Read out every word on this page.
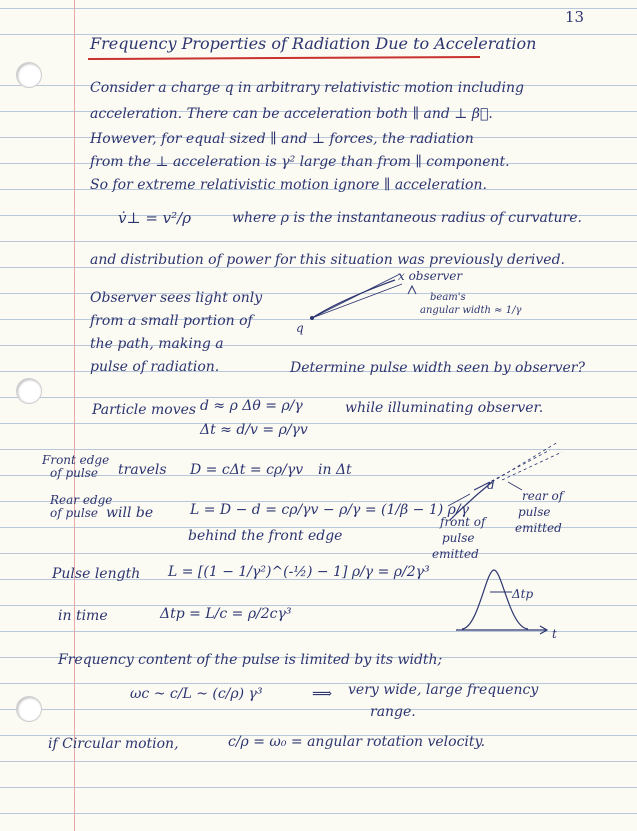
13
Frequency Properties of Radiation Due to Acceleration
Consider a charge q in arbitrary relativistic motion including
acceleration. There can be acceleration both ∥ and ⊥ β⃗.
However, for equal sized ∥ and ⊥ forces, the radiation
from the ⊥ acceleration is γ² large than from ∥ component.
So for extreme relativistic motion ignore ∥ acceleration.
v̇⊥ = v²/ρ	where ρ is the instantaneous radius of curvature.
and distribution of power for this situation was previously derived.
Observer sees light only
from a small portion of
the path, making a
pulse of radiation.
x observer
beam's
angular width ≈ 1/γ
q
Determine pulse width seen by observer?
Particle moves d ≈ ρ Δθ = ρ/γ	while illuminating observer.
Δt ≈ d/v = ρ/γv
Front edge
of pulse travels D = cΔt = cρ/γv in Δt
Rear edge
of pulse will be	L = D − d = cρ/γv − ρ/γ = (1/β − 1) ρ/γ
behind the front edge
d
front of
pulse
emitted
rear of
pulse
emitted
Pulse length L = [(1 − 1/γ²)^(-½) − 1] ρ/γ = ρ/2γ³
in time	Δtp = L/c = ρ/2cγ³
Δtp
t
Frequency content of the pulse is limited by its width;
ωc ~ c/L ~ (c/ρ) γ³	⟹ very wide, large frequency
range.
if Circular motion,	c/ρ = ω₀ = angular rotation velocity.
